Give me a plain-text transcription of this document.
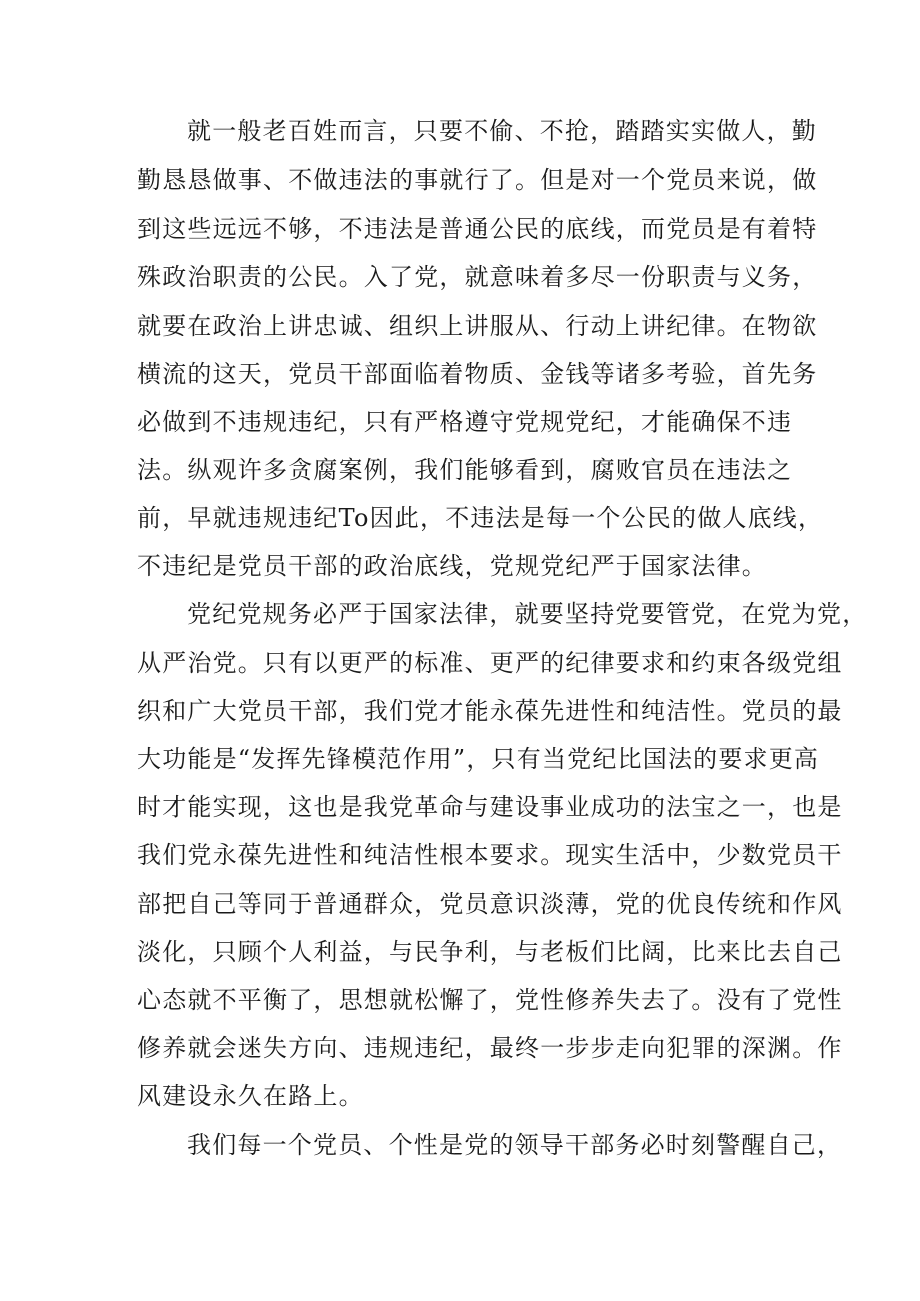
就一般老百姓而言，只要不偷、不抢，踏踏实实做人，勤
勤恳恳做事、不做违法的事就行了。但是对一个党员来说，做
到这些远远不够，不违法是普通公民的底线，而党员是有着特
殊政治职责的公民。入了党，就意味着多尽一份职责与义务，
就要在政治上讲忠诚、组织上讲服从、行动上讲纪律。在物欲
横流的这天，党员干部面临着物质、金钱等诸多考验，首先务
必做到不违规违纪，只有严格遵守党规党纪，才能确保不违
法。纵观许多贪腐案例，我们能够看到，腐败官员在违法之
前，早就违规违纪To因此，不违法是每一个公民的做人底线，
不违纪是党员干部的政治底线，党规党纪严于国家法律。
党纪党规务必严于国家法律，就要坚持党要管党，在党为党，
从严治党。只有以更严的标准、更严的纪律要求和约束各级党组
织和广大党员干部，我们党才能永葆先进性和纯洁性。党员的最
大功能是“发挥先锋模范作用”，只有当党纪比国法的要求更高
时才能实现，这也是我党革命与建设事业成功的法宝之一，也是
我们党永葆先进性和纯洁性根本要求。现实生活中，少数党员干
部把自己等同于普通群众，党员意识淡薄，党的优良传统和作风
淡化，只顾个人利益，与民争利，与老板们比阔，比来比去自己
心态就不平衡了，思想就松懈了，党性修养失去了。没有了党性
修养就会迷失方向、违规违纪，最终一步步走向犯罪的深渊。作
风建设永久在路上。
我们每一个党员、个性是党的领导干部务必时刻警醒自己，
